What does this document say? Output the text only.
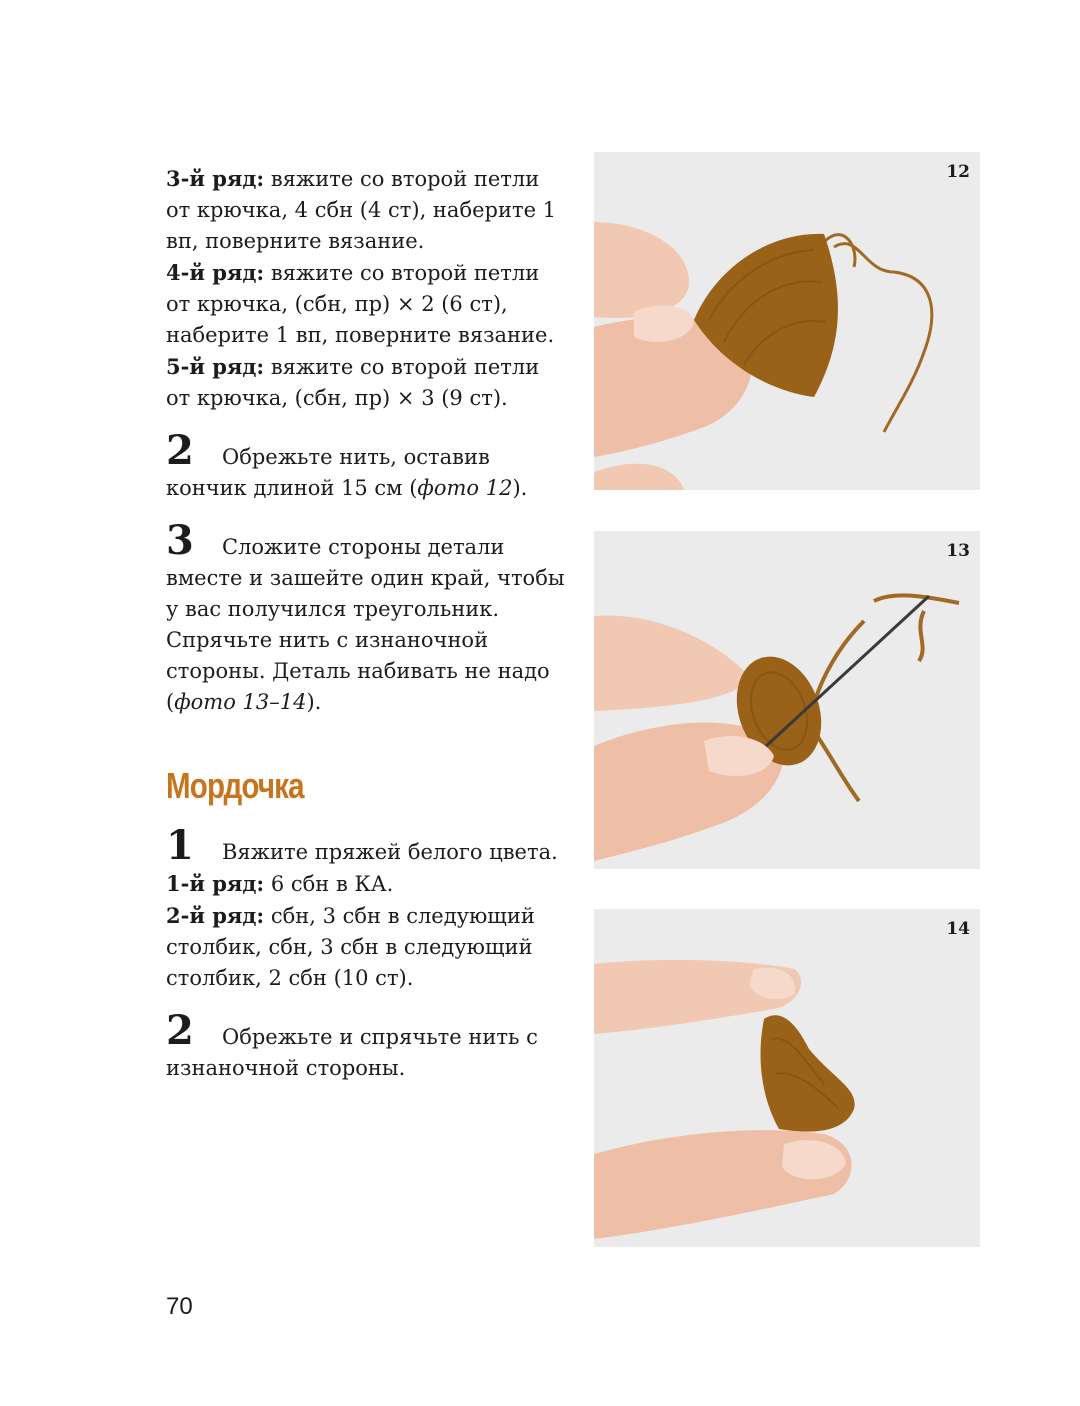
3-й ряд: вяжите со второй петли от крючка, 4 сбн (4 ст), наберите 1 вп, поверните вязание.

4-й ряд: вяжите со второй петли от крючка, (сбн, пр) × 2 (6 ст), наберите 1 вп, поверните вязание.

5-й ряд: вяжите со второй петли от крючка, (сбн, пр) × 3 (9 ст).

2 Обрежьте нить, оставив кончик длиной 15 см (фото 12).

3 Сложите стороны детали вместе и зашейте один край, чтобы у вас получился треугольник. Спрячьте нить с изнаночной стороны. Деталь набивать не надо (фото 13–14).

Мордочка

1 Вяжите пряжей белого цвета.

1-й ряд: 6 сбн в КА.

2-й ряд: сбн, 3 сбн в следующий столбик, сбн, 3 сбн в следующий столбик, 2 сбн (10 ст).

2 Обрежьте и спрячьте нить с изнаночной стороны.

12
13
14
70
